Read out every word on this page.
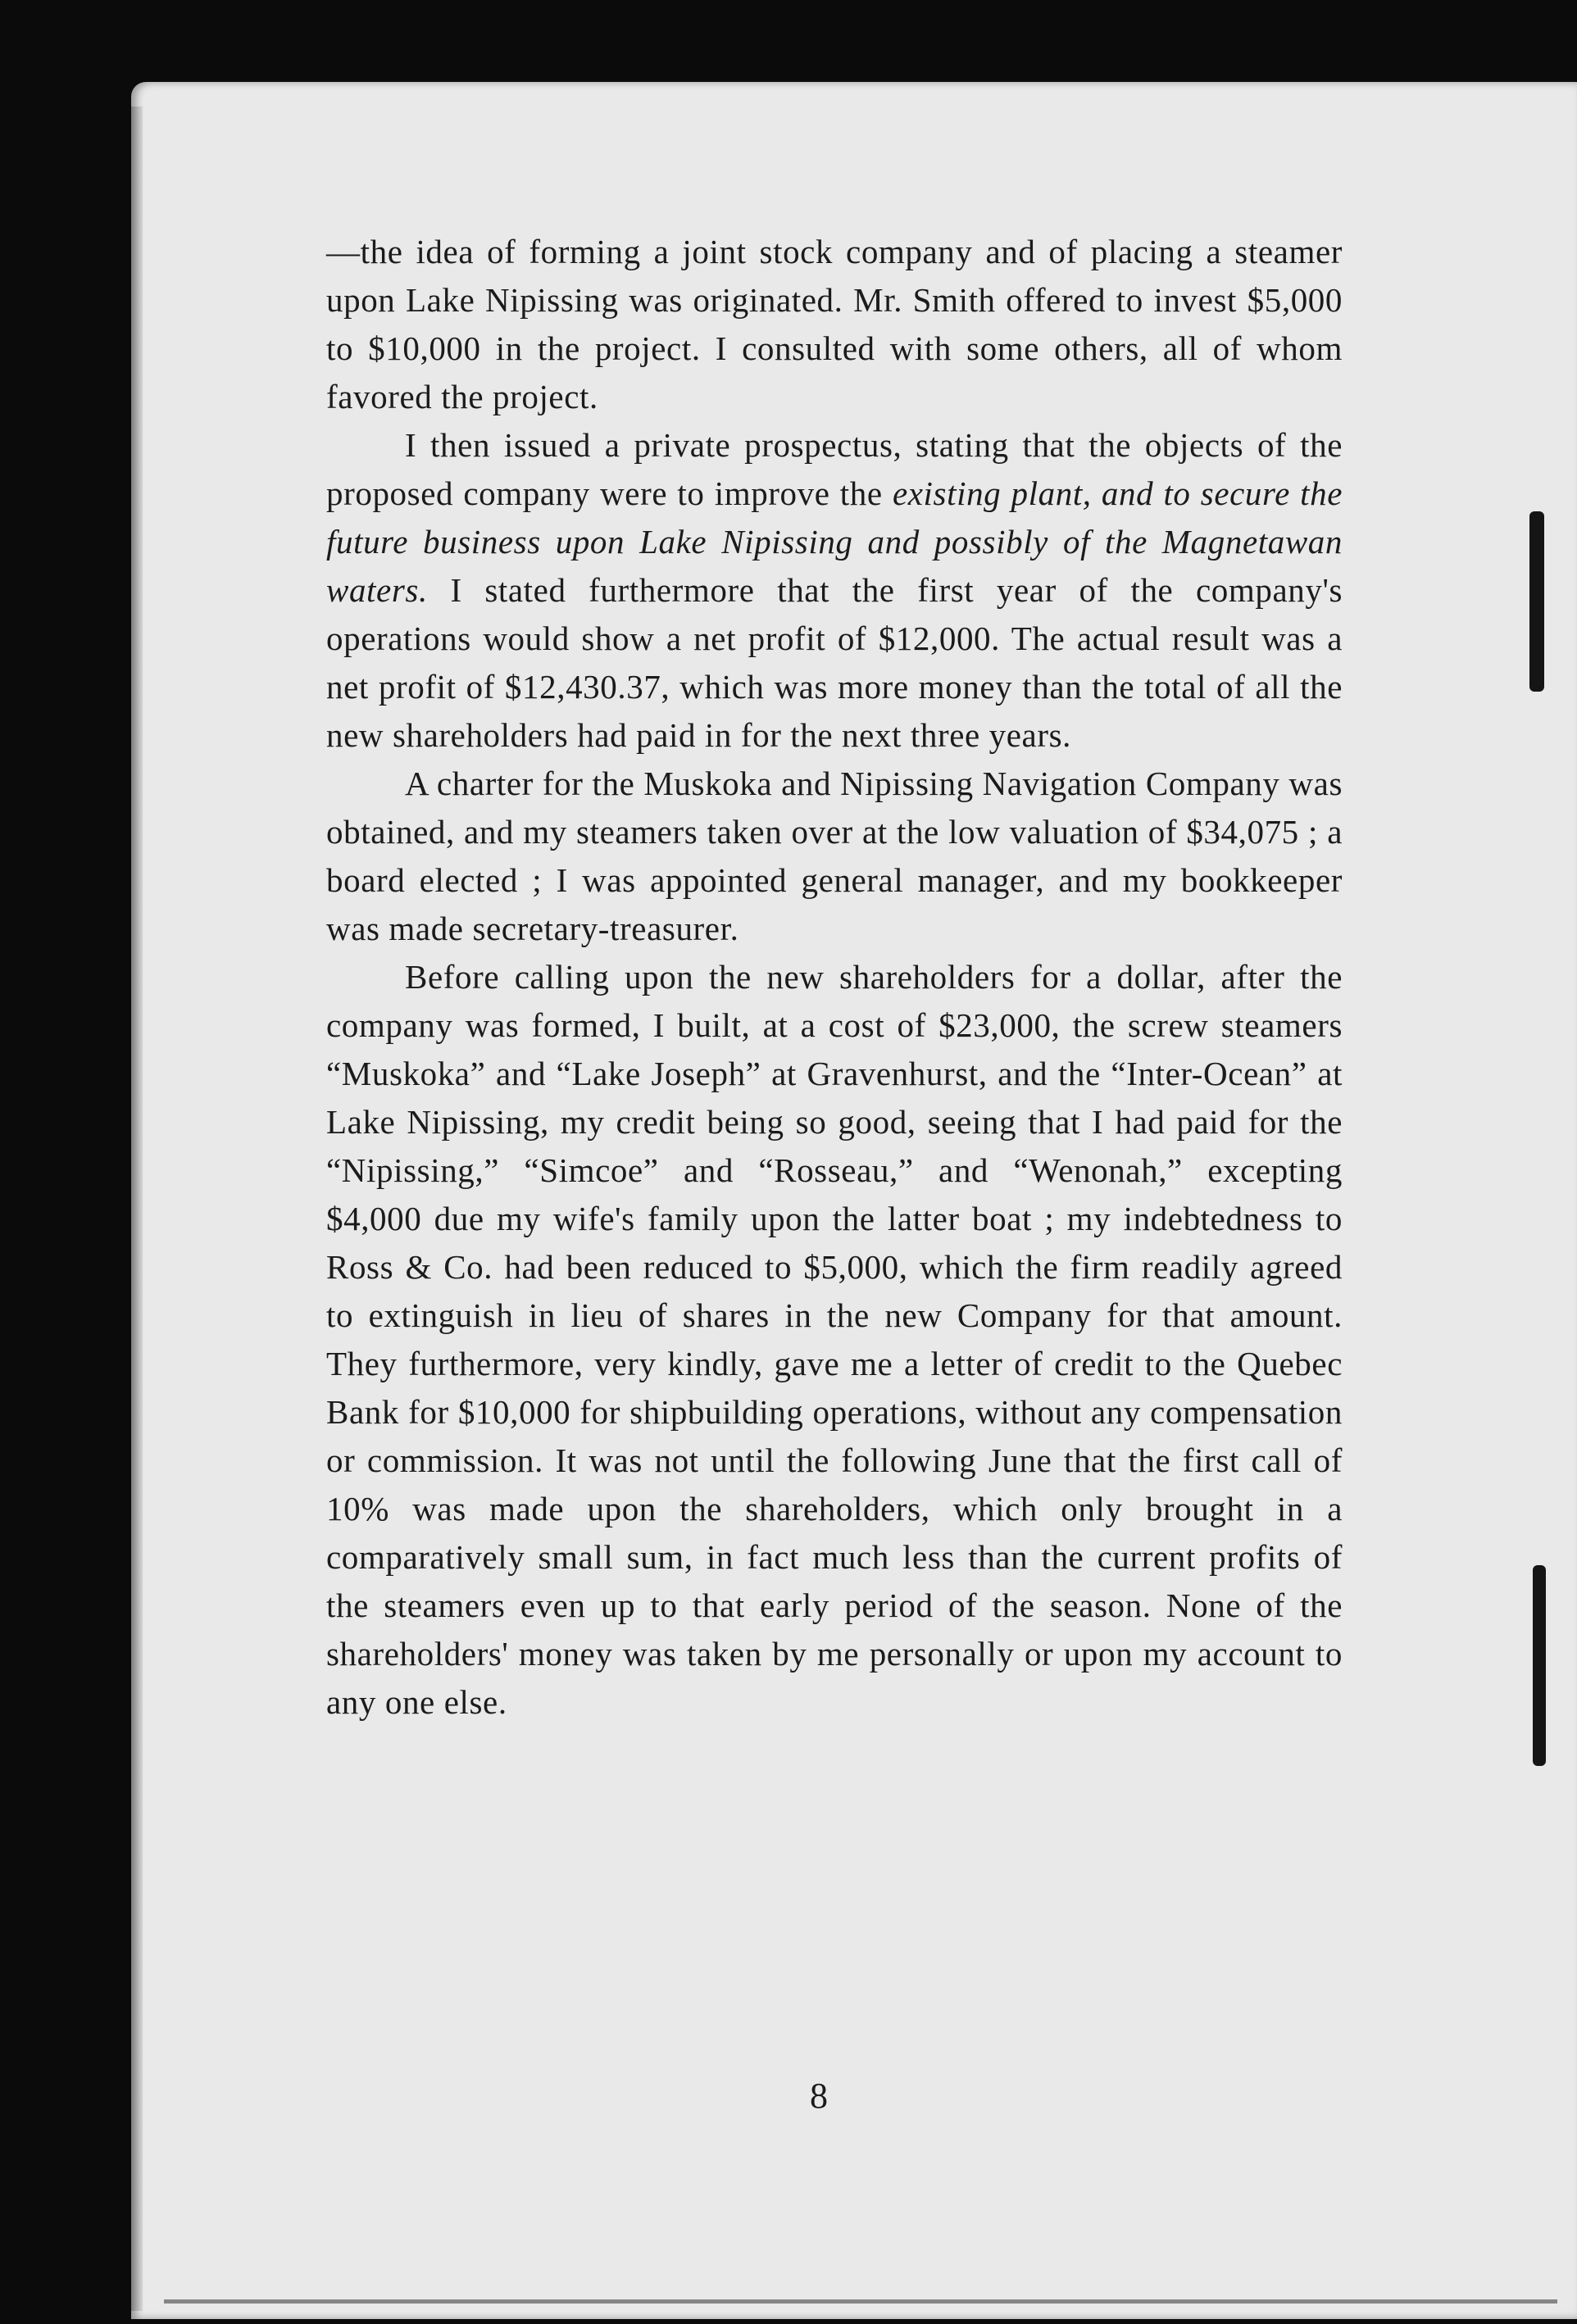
—the idea of forming a joint stock company and of placing a steamer upon Lake Nipissing was originated. Mr. Smith offered to invest $5,000 to $10,000 in the project. I consulted with some others, all of whom favored the project.

I then issued a private prospectus, stating that the objects of the proposed company were to improve the existing plant, and to secure the future business upon Lake Nipissing and possibly of the Magnetawan waters. I stated furthermore that the first year of the company's operations would show a net profit of $12,000. The actual result was a net profit of $12,430.37, which was more money than the total of all the new shareholders had paid in for the next three years.

A charter for the Muskoka and Nipissing Navigation Company was obtained, and my steamers taken over at the low valuation of $34,075 ; a board elected ; I was appointed general manager, and my bookkeeper was made secretary-treasurer.

Before calling upon the new shareholders for a dollar, after the company was formed, I built, at a cost of $23,000, the screw steamers “Muskoka” and “Lake Joseph” at Gravenhurst, and the “Inter-Ocean” at Lake Nipissing, my credit being so good, seeing that I had paid for the “Nipissing,” “Simcoe” and “Rosseau,” and “Wenonah,” excepting $4,000 due my wife's family upon the latter boat ; my indebtedness to Ross & Co. had been reduced to $5,000, which the firm readily agreed to extinguish in lieu of shares in the new Company for that amount. They furthermore, very kindly, gave me a letter of credit to the Quebec Bank for $10,000 for shipbuilding operations, without any compensation or commission. It was not until the following June that the first call of 10% was made upon the shareholders, which only brought in a comparatively small sum, in fact much less than the current profits of the steamers even up to that early period of the season. None of the shareholders' money was taken by me personally or upon my account to any one else.

8
